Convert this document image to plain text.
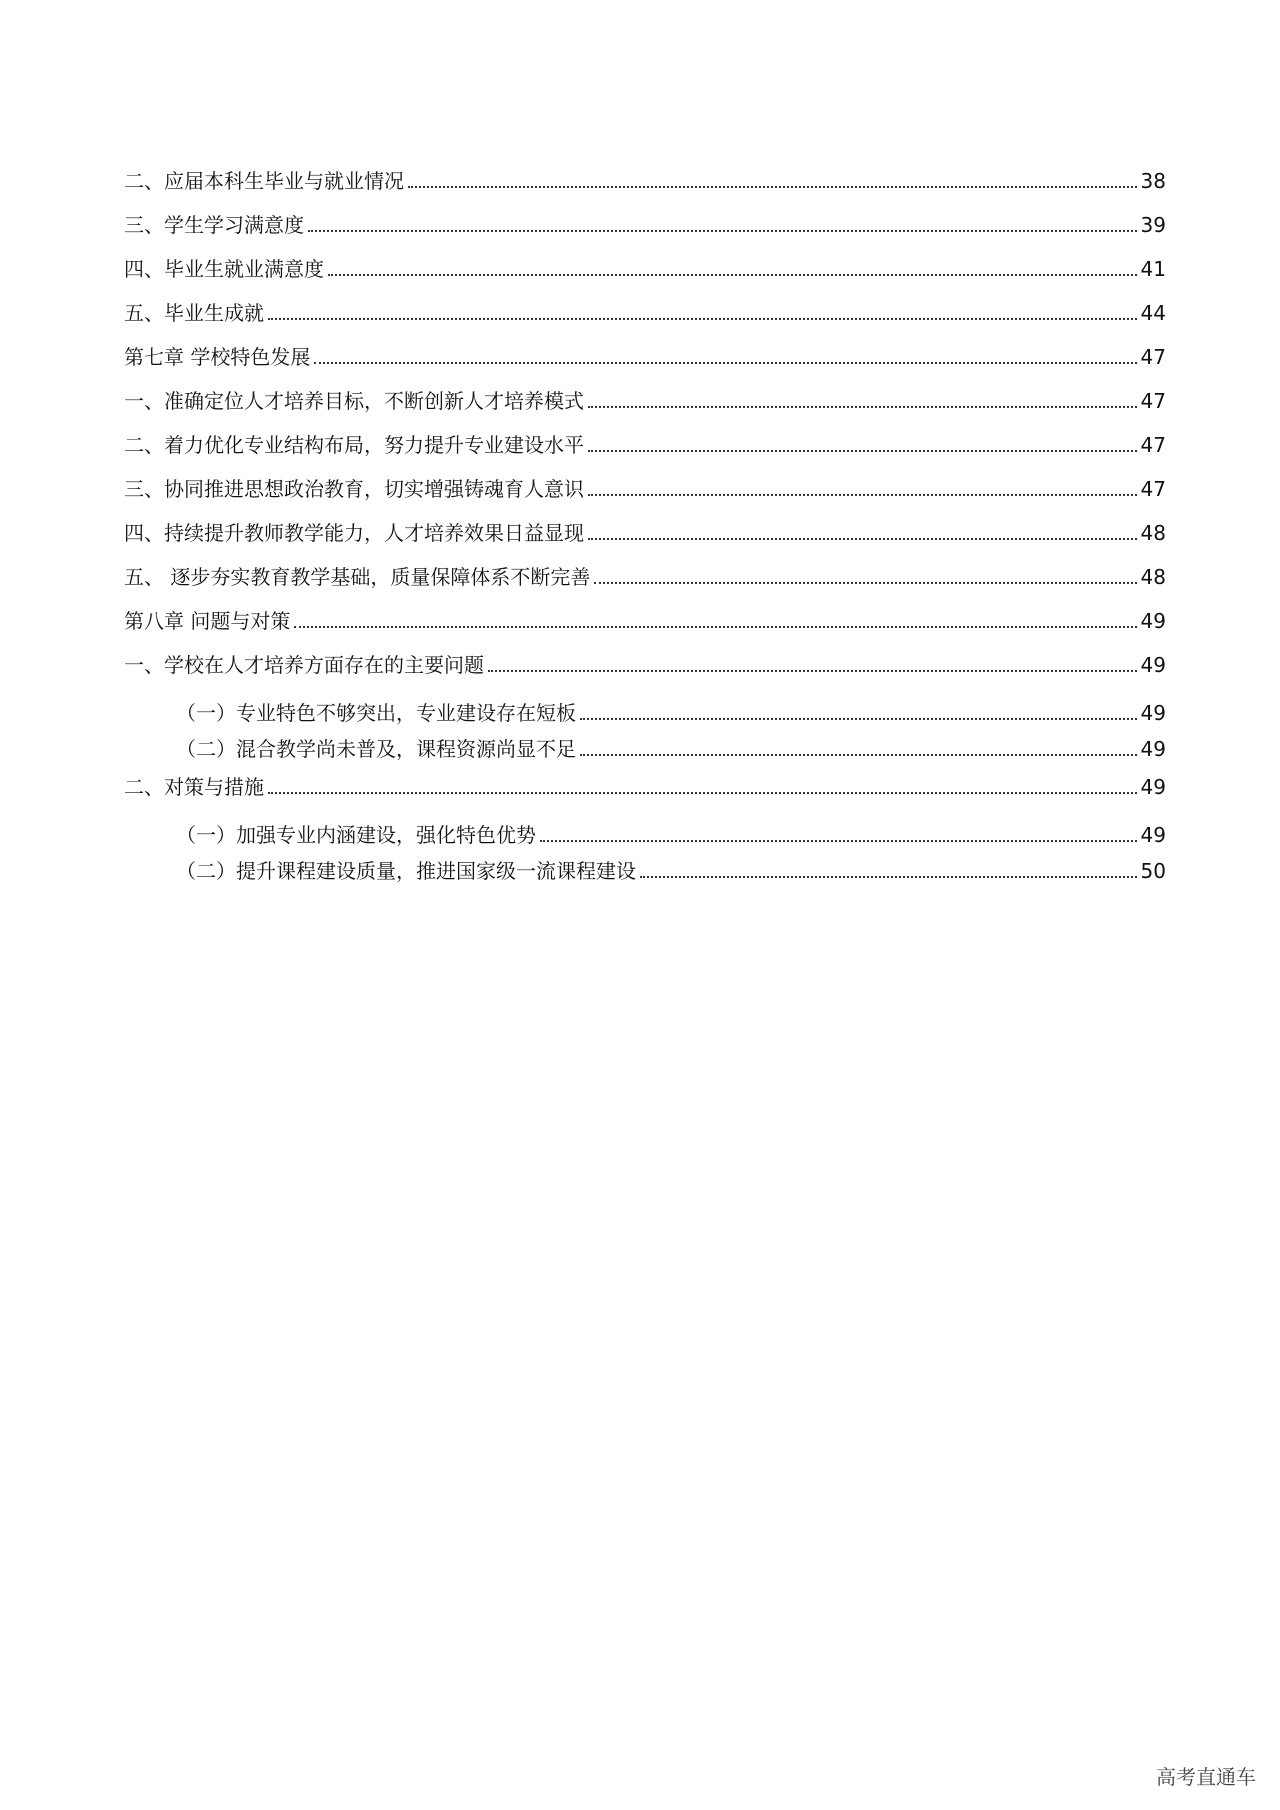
二、应届本科生毕业与就业情况	38
三、学生学习满意度	39
四、毕业生就业满意度	41
五、毕业生成就	44
第七章 学校特色发展	47
一、准确定位人才培养目标，不断创新人才培养模式	47
二、着力优化专业结构布局，努力提升专业建设水平	47
三、协同推进思想政治教育，切实增强铸魂育人意识	47
四、持续提升教师教学能力，人才培养效果日益显现	48
五、 逐步夯实教育教学基础，质量保障体系不断完善	48
第八章 问题与对策	49
一、学校在人才培养方面存在的主要问题	49
（一）专业特色不够突出，专业建设存在短板	49
（二）混合教学尚未普及，课程资源尚显不足	49
二、对策与措施	49
（一）加强专业内涵建设，强化特色优势	49
（二）提升课程建设质量，推进国家级一流课程建设	50
高考直通车
